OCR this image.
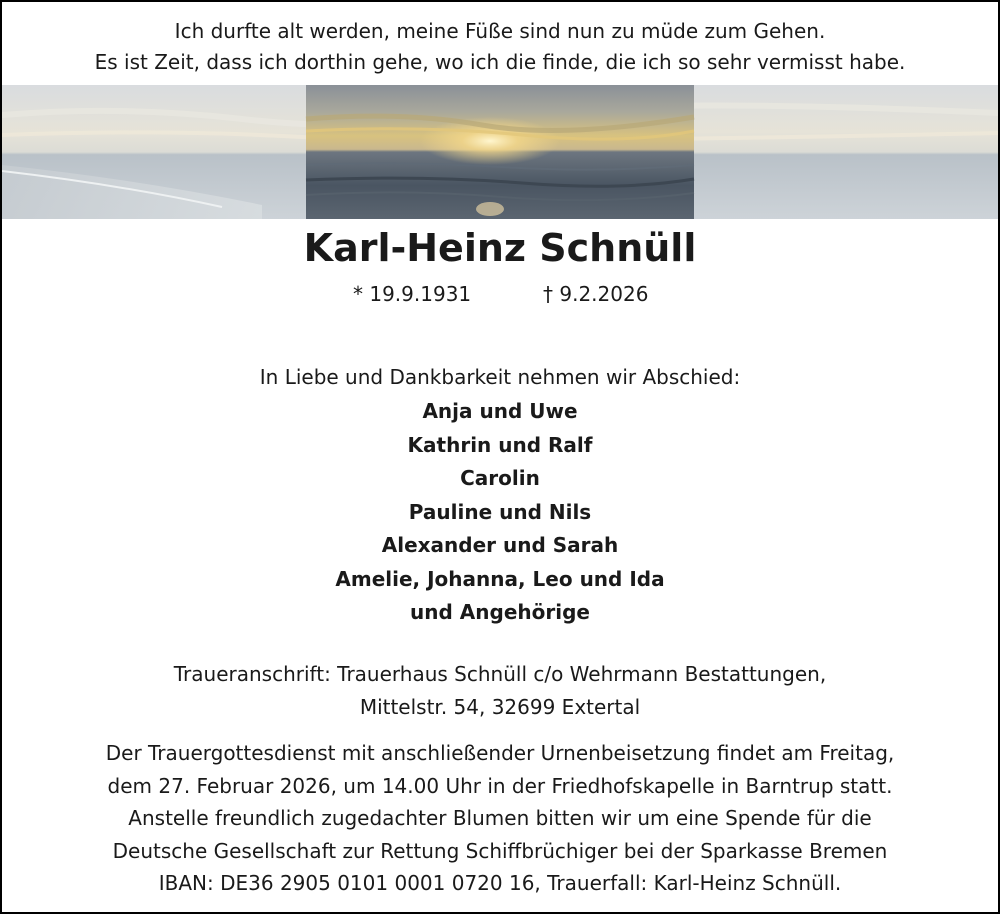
Ich durfte alt werden, meine Füße sind nun zu müde zum Gehen.
Es ist Zeit, dass ich dorthin gehe, wo ich die finde, die ich so sehr vermisst habe.
Karl-Heinz Schnüll
* 19.9.1931	† 9.2.2026
In Liebe und Dankbarkeit nehmen wir Abschied:
Anja und Uwe
Kathrin und Ralf
Carolin
Pauline und Nils
Alexander und Sarah
Amelie, Johanna, Leo und Ida
und Angehörige
Traueranschrift: Trauerhaus Schnüll c/o Wehrmann Bestattungen,
Mittelstr. 54, 32699 Extertal
Der Trauergottesdienst mit anschließender Urnenbeisetzung findet am Freitag,
dem 27. Februar 2026, um 14.00 Uhr in der Friedhofskapelle in Barntrup statt.
Anstelle freundlich zugedachter Blumen bitten wir um eine Spende für die
Deutsche Gesellschaft zur Rettung Schiffbrüchiger bei der Sparkasse Bremen
IBAN: DE36 2905 0101 0001 0720 16, Trauerfall: Karl-Heinz Schnüll.
